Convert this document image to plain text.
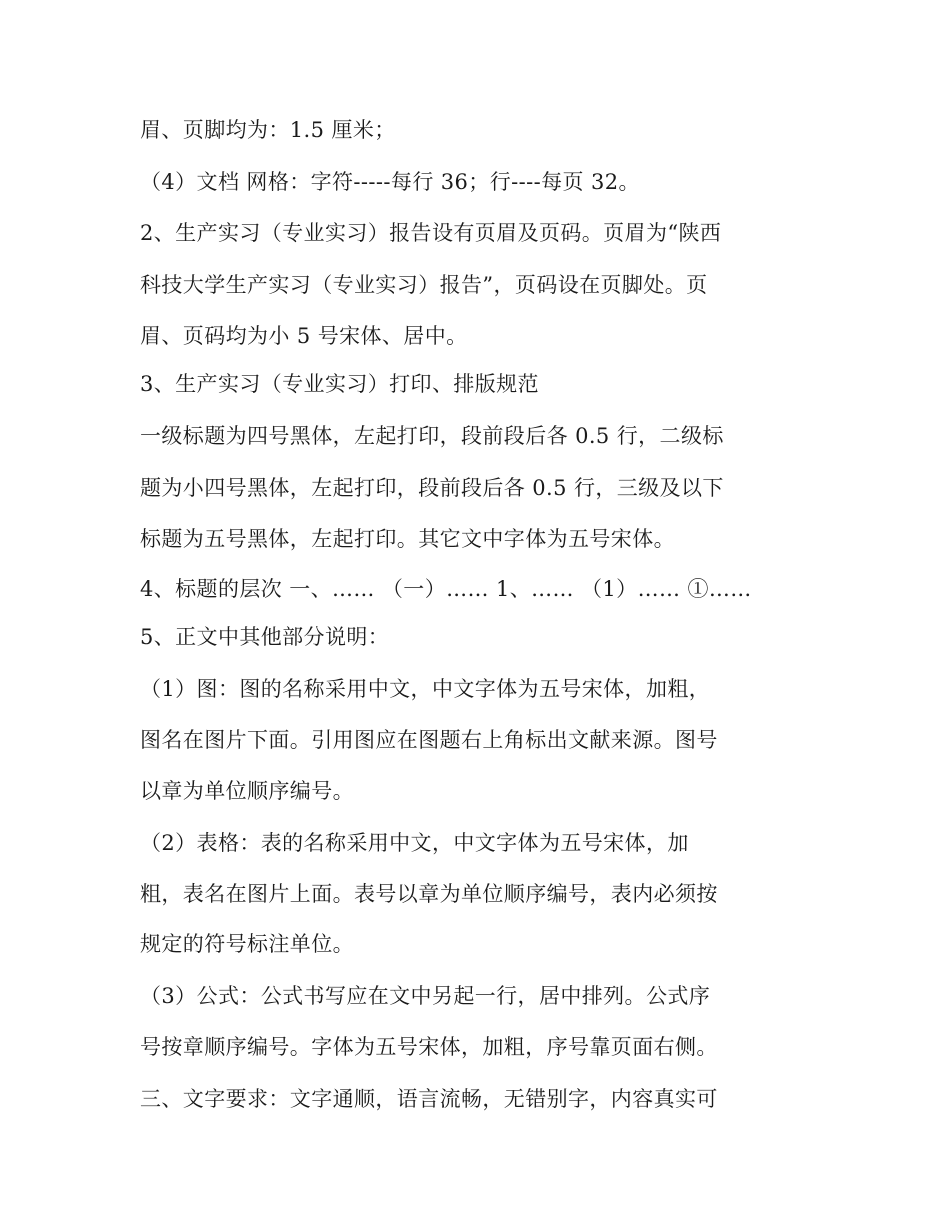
眉、页脚均为：1.5 厘米；
（4）文档 网格：字符-----每行 36；行----每页 32。
2、生产实习（专业实习）报告设有页眉及页码。页眉为“陕西
科技大学生产实习（专业实习）报告”，页码设在页脚处。页
眉、页码均为小 5 号宋体、居中。
3、生产实习（专业实习）打印、排版规范
一级标题为四号黑体，左起打印，段前段后各 0.5 行，二级标
题为小四号黑体，左起打印，段前段后各 0.5 行，三级及以下
标题为五号黑体，左起打印。其它文中字体为五号宋体。
4、标题的层次 一、…… （一）…… 1、…… （1）…… ①……
5、正文中其他部分说明：
（1）图：图的名称采用中文，中文字体为五号宋体，加粗，
图名在图片下面。引用图应在图题右上角标出文献来源。图号
以章为单位顺序编号。
（2）表格：表的名称采用中文，中文字体为五号宋体，加
粗，表名在图片上面。表号以章为单位顺序编号，表内必须按
规定的符号标注单位。
（3）公式：公式书写应在文中另起一行，居中排列。公式序
号按章顺序编号。字体为五号宋体，加粗，序号靠页面右侧。
三、文字要求：文字通顺，语言流畅，无错别字，内容真实可
